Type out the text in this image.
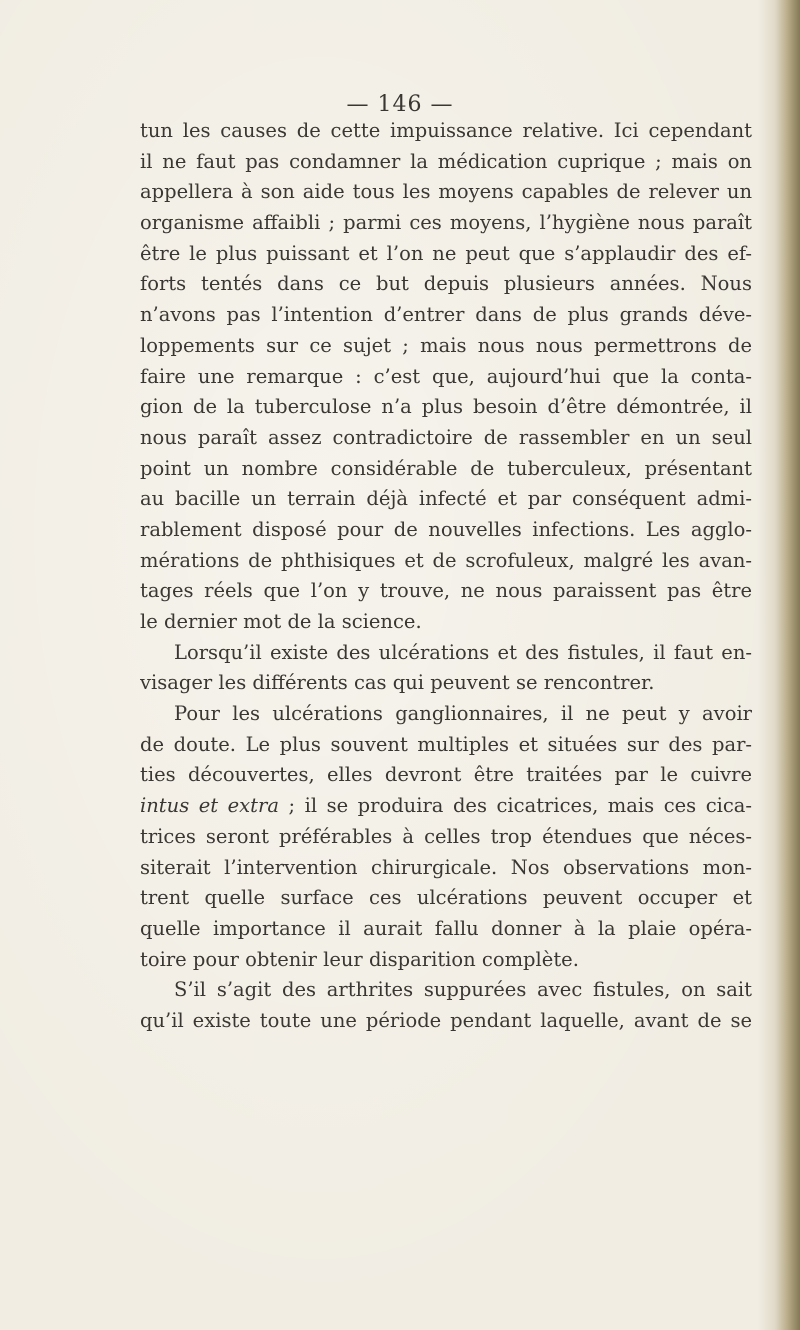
— 146 —
tun les causes de cette impuissance relative. Ici cependant
il ne faut pas condamner la médication cuprique ; mais on
appellera à son aide tous les moyens capables de relever un
organisme affaibli ; parmi ces moyens, l’hygiène nous paraît
être le plus puissant et l’on ne peut que s’applaudir des ef-
forts tentés dans ce but depuis plusieurs années. Nous
n’avons pas l’intention d’entrer dans de plus grands déve-
loppements sur ce sujet ; mais nous nous permettrons de
faire une remarque : c’est que, aujourd’hui que la conta-
gion de la tuberculose n’a plus besoin d’être démontrée, il
nous paraît assez contradictoire de rassembler en un seul
point un nombre considérable de tuberculeux, présentant
au bacille un terrain déjà infecté et par conséquent admi-
rablement disposé pour de nouvelles infections. Les agglo-
mérations de phthisiques et de scrofuleux, malgré les avan-
tages réels que l’on y trouve, ne nous paraissent pas être
le dernier mot de la science.
Lorsqu’il existe des ulcérations et des fistules, il faut en-
visager les différents cas qui peuvent se rencontrer.
Pour les ulcérations ganglionnaires, il ne peut y avoir
de doute. Le plus souvent multiples et situées sur des par-
ties découvertes, elles devront être traitées par le cuivre
intus et extra ; il se produira des cicatrices, mais ces cica-
trices seront préférables à celles trop étendues que néces-
siterait l’intervention chirurgicale. Nos observations mon-
trent quelle surface ces ulcérations peuvent occuper et
quelle importance il aurait fallu donner à la plaie opéra-
toire pour obtenir leur disparition complète.
S’il s’agit des arthrites suppurées avec fistules, on sait
qu’il existe toute une période pendant laquelle, avant de se
